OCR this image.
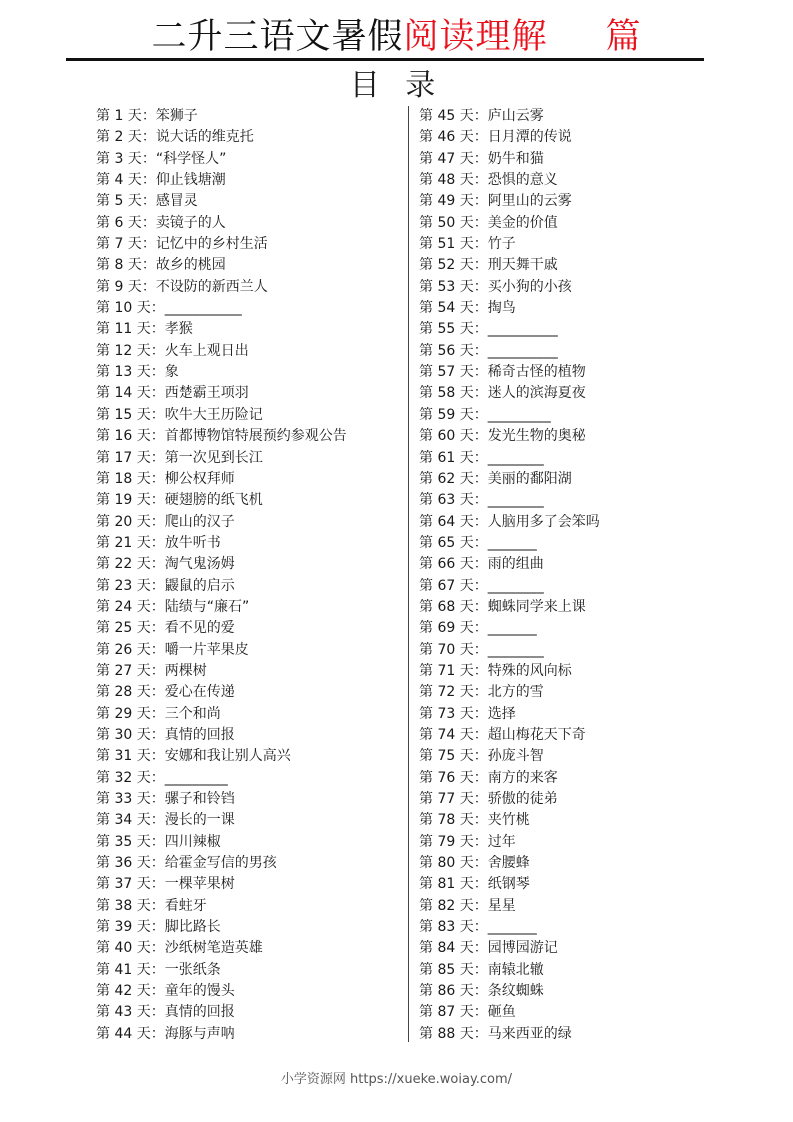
二升三语文暑假阅读理解 篇
目 录
第 1 天：笨狮子
第 2 天：说大话的维克托
第 3 天：“科学怪人”
第 4 天：仰止钱塘潮
第 5 天：感冒灵
第 6 天：卖镜子的人
第 7 天：记忆中的乡村生活
第 8 天：故乡的桃园
第 9 天：不设防的新西兰人
第 10 天：___________
第 11 天：孝猴
第 12 天：火车上观日出
第 13 天：象
第 14 天：西楚霸王项羽
第 15 天：吹牛大王历险记
第 16 天：首都博物馆特展预约参观公告
第 17 天：第一次见到长江
第 18 天：柳公权拜师
第 19 天：硬翅膀的纸飞机
第 20 天：爬山的汉子
第 21 天：放牛听书
第 22 天：淘气鬼汤姆
第 23 天：鼹鼠的启示
第 24 天：陆绩与“廉石”
第 25 天：看不见的爱
第 26 天：嚼一片苹果皮
第 27 天：两棵树
第 28 天：爱心在传递
第 29 天：三个和尚
第 30 天：真情的回报
第 31 天：安娜和我让别人高兴
第 32 天：_________
第 33 天：骡子和铃铛
第 34 天：漫长的一课
第 35 天：四川辣椒
第 36 天：给霍金写信的男孩
第 37 天：一棵苹果树
第 38 天：看蛀牙
第 39 天：脚比路长
第 40 天：沙纸树笔造英雄
第 41 天：一张纸条
第 42 天：童年的馒头
第 43 天：真情的回报
第 44 天：海豚与声呐
第 45 天：庐山云雾
第 46 天：日月潭的传说
第 47 天：奶牛和猫
第 48 天：恐惧的意义
第 49 天：阿里山的云雾
第 50 天：美金的价值
第 51 天：竹子
第 52 天：刑天舞干戚
第 53 天：买小狗的小孩
第 54 天：掏鸟
第 55 天：__________
第 56 天：__________
第 57 天：稀奇古怪的植物
第 58 天：迷人的滨海夏夜
第 59 天：_________
第 60 天：发光生物的奥秘
第 61 天：________
第 62 天：美丽的鄱阳湖
第 63 天：________
第 64 天：人脑用多了会笨吗
第 65 天：_______
第 66 天：雨的组曲
第 67 天：________
第 68 天：蜘蛛同学来上课
第 69 天：_______
第 70 天：________
第 71 天：特殊的风向标
第 72 天：北方的雪
第 73 天：选择
第 74 天：超山梅花天下奇
第 75 天：孙庞斗智
第 76 天：南方的来客
第 77 天：骄傲的徒弟
第 78 天：夹竹桃
第 79 天：过年
第 80 天：舍腰蜂
第 81 天：纸钢琴
第 82 天：星星
第 83 天：_______
第 84 天：园博园游记
第 85 天：南辕北辙
第 86 天：条纹蜘蛛
第 87 天：砸鱼
第 88 天：马来西亚的绿
小学资源网 https://xueke.woiay.com/
